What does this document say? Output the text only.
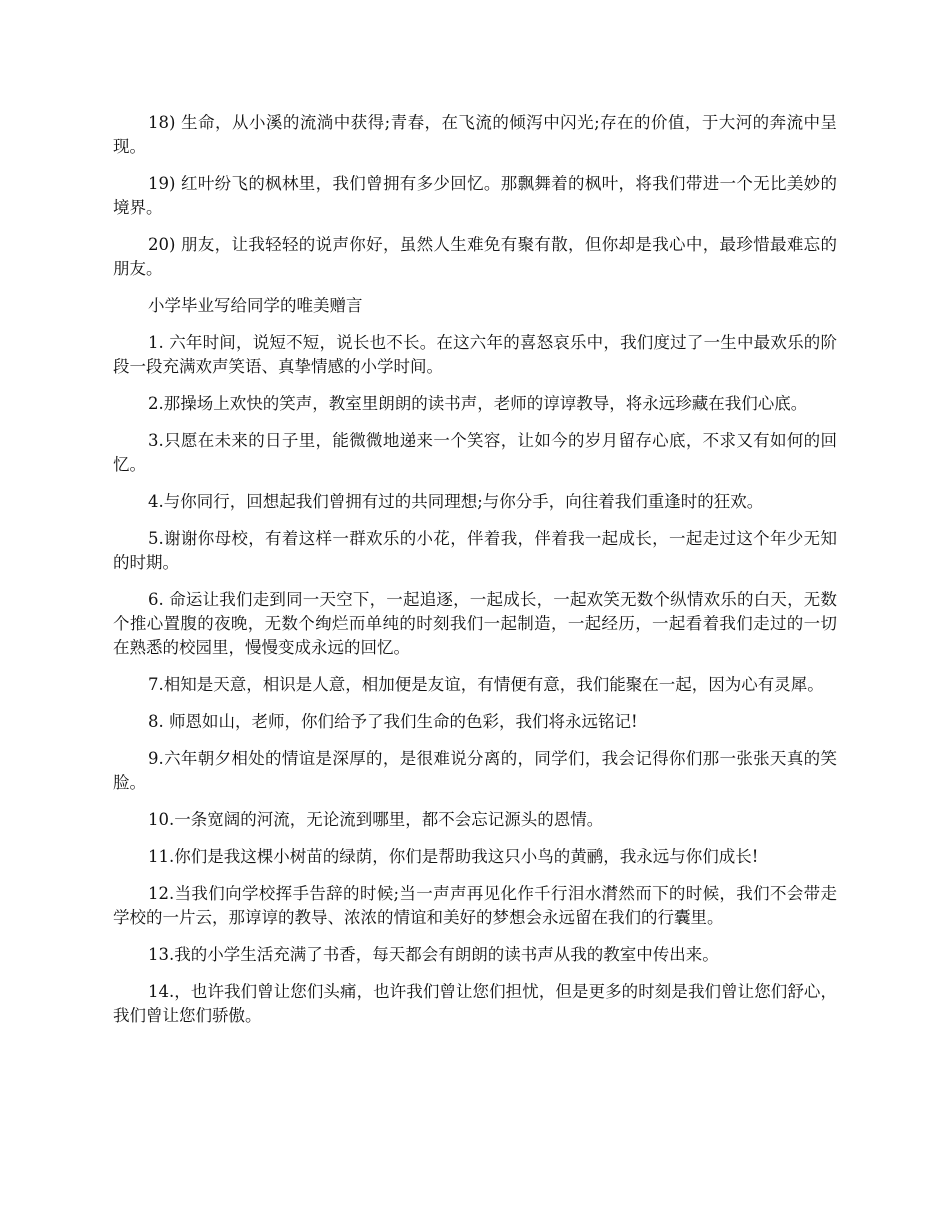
18) 生命，从小溪的流淌中获得;青春，在飞流的倾泻中闪光;存在的价值，于大河的奔流中呈现。

19) 红叶纷飞的枫林里，我们曾拥有多少回忆。那飘舞着的枫叶，将我们带进一个无比美妙的境界。

20) 朋友，让我轻轻的说声你好，虽然人生难免有聚有散，但你却是我心中，最珍惜最难忘的朋友。

小学毕业写给同学的唯美赠言

1. 六年时间，说短不短，说长也不长。在这六年的喜怒哀乐中，我们度过了一生中最欢乐的阶段一段充满欢声笑语、真挚情感的小学时间。

2.那操场上欢快的笑声，教室里朗朗的读书声，老师的谆谆教导，将永远珍藏在我们心底。

3.只愿在未来的日子里，能微微地递来一个笑容，让如今的岁月留存心底，不求又有如何的回忆。

4.与你同行，回想起我们曾拥有过的共同理想;与你分手，向往着我们重逢时的狂欢。

5.谢谢你母校，有着这样一群欢乐的小花，伴着我，伴着我一起成长，一起走过这个年少无知的时期。

6. 命运让我们走到同一天空下，一起追逐，一起成长，一起欢笑无数个纵情欢乐的白天，无数个推心置腹的夜晚，无数个绚烂而单纯的时刻我们一起制造，一起经历，一起看着我们走过的一切在熟悉的校园里，慢慢变成永远的回忆。

7.相知是天意，相识是人意，相加便是友谊，有情便有意，我们能聚在一起，因为心有灵犀。

8. 师恩如山，老师，你们给予了我们生命的色彩，我们将永远铭记!

9.六年朝夕相处的情谊是深厚的，是很难说分离的，同学们，我会记得你们那一张张天真的笑脸。

10.一条宽阔的河流，无论流到哪里，都不会忘记源头的恩情。

11.你们是我这棵小树苗的绿荫，你们是帮助我这只小鸟的黄鹂，我永远与你们成长!

12.当我们向学校挥手告辞的时候;当一声声再见化作千行泪水潸然而下的时候，我们不会带走学校的一片云，那谆谆的教导、浓浓的情谊和美好的梦想会永远留在我们的行囊里。

13.我的小学生活充满了书香，每天都会有朗朗的读书声从我的教室中传出来。

14.，也许我们曾让您们头痛，也许我们曾让您们担忧，但是更多的时刻是我们曾让您们舒心，我们曾让您们骄傲。
